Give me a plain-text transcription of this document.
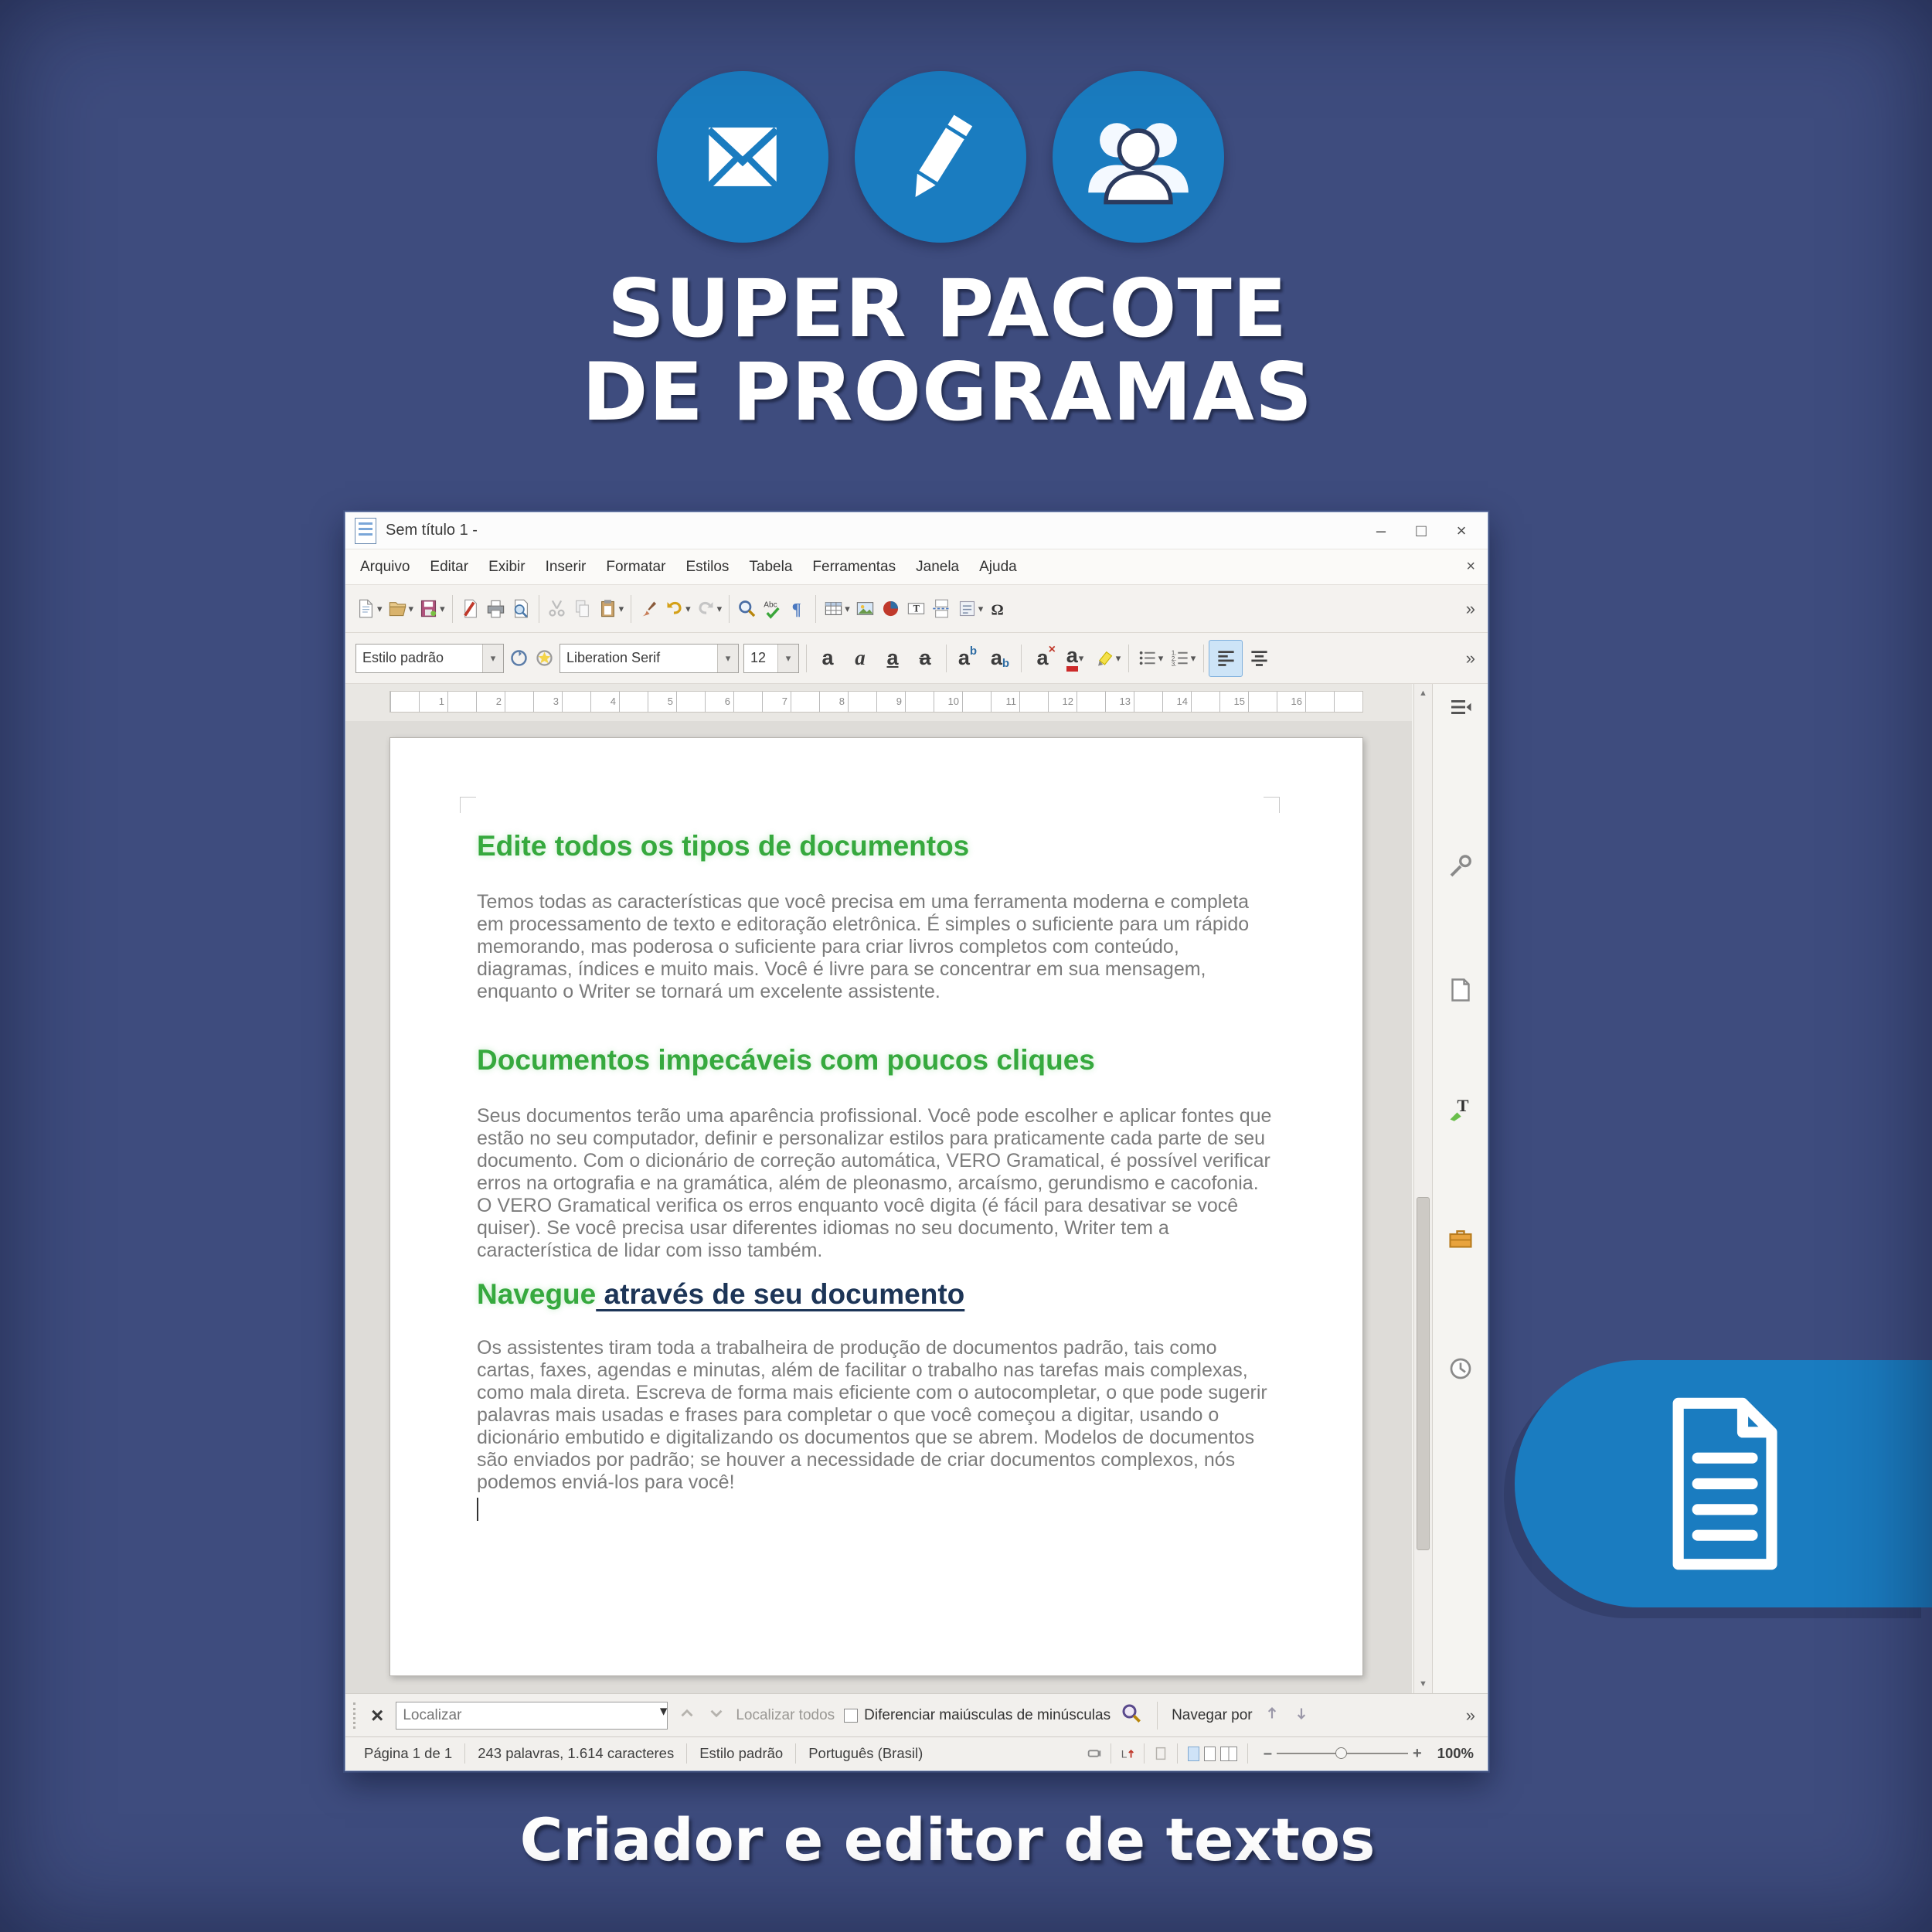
SUPER PACOTE
DE PROGRAMAS
Sem título 1 -	–	□	×
Arquivo	Editar	Exibir	Inserir	Formatar	Estilos	Tabela	Ferramentas	Janela	Ajuda	×
▾	▾	▾	▾	▾	▾	Abc ¶	▾	T	▾ Ω	»
Estilo padrão	▾	Liberation Serif	▾	12	▾	a a a a a b a b a × a ▾	▾	▾ 1.
2.
3.
▾	»
1	2	3	4	5	6	7	8	9	10	11	12	13	14	15	16
Edite todos os tipos de documentos
Temos todas as características que você precisa em uma ferramenta moderna e completa em processamento de texto e editoração eletrônica. É simples o suficiente para um rápido memorando, mas poderosa o suficiente para criar livros completos com conteúdo, diagramas, índices e muito mais. Você é livre para se concentrar em sua mensagem, enquanto o Writer se tornará um excelente assistente.
Documentos impecáveis com poucos cliques
Seus documentos terão uma aparência profissional. Você pode escolher e aplicar fontes que estão no seu computador, definir e personalizar estilos para praticamente cada parte de seu documento. Com o dicionário de correção automática, VERO Gramatical, é possível verificar erros na ortografia e na gramática, além de pleonasmo, arcaísmo, gerundismo e cacofonia. O VERO Gramatical verifica os erros enquanto você digita (é fácil para desativar se você quiser). Se você precisa usar diferentes idiomas no seu documento, Writer tem a característica de lidar com isso também.
Navegue através de seu documento
Os assistentes tiram toda a trabalheira de produção de documentos padrão, tais como cartas, faxes, agendas e minutas, além de facilitar o trabalho nas tarefas mais complexas, como mala direta. Escreva de forma mais eficiente com o autocompletar, o que pode sugerir palavras mais usadas e frases para completar o que você começou a digitar, usando o dicionário embutido e digitalizando os documentos que se abrem. Modelos de documentos são enviados por padrão; se houver a necessidade de criar documentos complexos, nós podemos enviá-los para você!
▲
▼
T
×
Localizar	▾	Localizar todos Diferenciar maiúsculas de minúsculas	Navegar por	»
Página 1 de 1	243 palavras, 1.614 caracteres	Estilo padrão	Português (Brasil)	L	–	+	100%
Criador e editor de textos
